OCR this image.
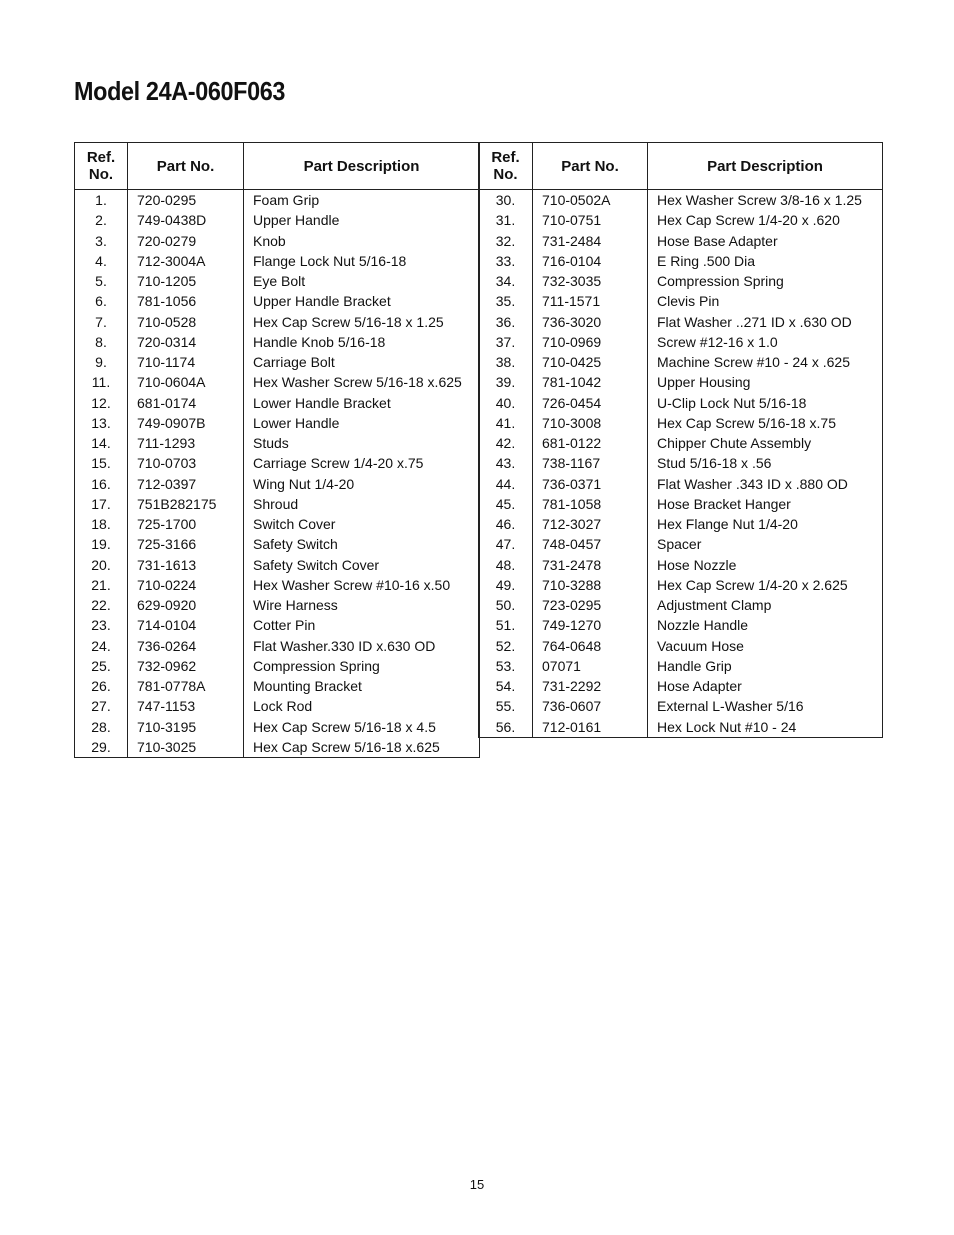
Model 24A-060F063
Ref.
No.	Part No.	Part Description
1.	720-0295	Foam Grip
2.	749-0438D	Upper Handle
3.	720-0279	Knob
4.	712-3004A	Flange Lock Nut 5/16-18
5.	710-1205	Eye Bolt
6.	781-1056	Upper Handle Bracket
7.	710-0528	Hex Cap Screw 5/16-18 x 1.25
8.	720-0314	Handle Knob 5/16-18
9.	710-1174	Carriage Bolt
11.	710-0604A	Hex Washer Screw 5/16-18 x.625
12.	681-0174	Lower Handle Bracket
13.	749-0907B	Lower Handle
14.	711-1293	Studs
15.	710-0703	Carriage Screw 1/4-20 x.75
16.	712-0397	Wing Nut 1/4-20
17.	751B282175	Shroud
18.	725-1700	Switch Cover
19.	725-3166	Safety Switch
20.	731-1613	Safety Switch Cover
21.	710-0224	Hex Washer Screw #10-16 x.50
22.	629-0920	Wire Harness
23.	714-0104	Cotter Pin
24.	736-0264	Flat Washer.330 ID x.630 OD
25.	732-0962	Compression Spring
26.	781-0778A	Mounting Bracket
27.	747-1153	Lock Rod
28.	710-3195	Hex Cap Screw 5/16-18 x 4.5
29.	710-3025	Hex Cap Screw 5/16-18 x.625
Ref.
No.	Part No.	Part Description
30.	710-0502A	Hex Washer Screw 3/8-16 x 1.25
31.	710-0751	Hex Cap Screw 1/4-20 x .620
32.	731-2484	Hose Base Adapter
33.	716-0104	E Ring .500 Dia
34.	732-3035	Compression Spring
35.	711-1571	Clevis Pin
36.	736-3020	Flat Washer ..271 ID x .630 OD
37.	710-0969	Screw #12-16 x 1.0
38.	710-0425	Machine Screw #10 - 24 x .625
39.	781-1042	Upper Housing
40.	726-0454	U-Clip Lock Nut 5/16-18
41.	710-3008	Hex Cap Screw 5/16-18 x.75
42.	681-0122	Chipper Chute Assembly
43.	738-1167	Stud 5/16-18 x .56
44.	736-0371	Flat Washer .343 ID x .880 OD
45.	781-1058	Hose Bracket Hanger
46.	712-3027	Hex Flange Nut 1/4-20
47.	748-0457	Spacer
48.	731-2478	Hose Nozzle
49.	710-3288	Hex Cap Screw 1/4-20 x 2.625
50.	723-0295	Adjustment Clamp
51.	749-1270	Nozzle Handle
52.	764-0648	Vacuum Hose
53.	07071	Handle Grip
54.	731-2292	Hose Adapter
55.	736-0607	External L-Washer 5/16
56.	712-0161	Hex Lock Nut #10 - 24
15
